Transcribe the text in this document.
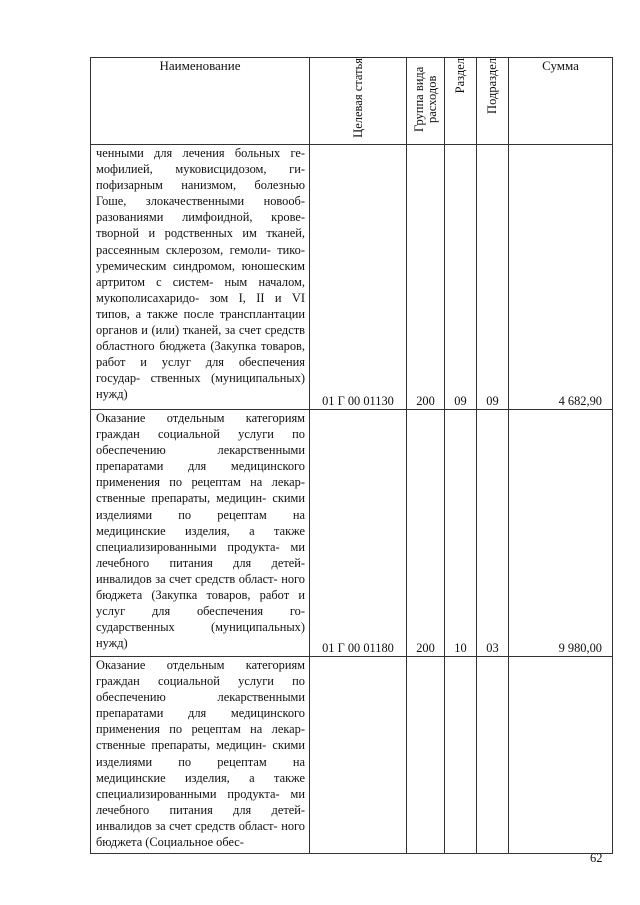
Наименование	Целевая статья	Группа вида расходов	Раздел	Подраздел	Сумма
ченными для лечения больных ге- мофилией, муковисцидозом, ги- пофизарным нанизмом, болезнью Гоше, злокачественными новооб- разованиями лимфоидной, крове- творной и родственных им тканей, рассеянным склерозом, гемоли- тико-уремическим синдромом, юношеским артритом с систем- ным началом, мукополисахаридо- зом I, II и VI типов, а также после трансплантации органов и (или) тканей, за счет средств областного бюджета (Закупка товаров, работ и услуг для обеспечения государ- ственных (муниципальных) нужд)	01 Г 00 01130	200	09	09	4 682,90

Оказание отдельным категориям граждан социальной услуги по обеспечению лекарственными препаратами для медицинского применения по рецептам на лекар- ственные препараты, медицин- скими изделиями по рецептам на медицинские изделия, а также специализированными продукта- ми лечебного питания для детей- инвалидов за счет средств област- ного бюджета (Закупка товаров, работ и услуг для обеспечения го- сударственных (муниципальных) нужд)	01 Г 00 01180	200	10	03	9 980,00

Оказание отдельным категориям граждан социальной услуги по обеспечению лекарственными препаратами для медицинского применения по рецептам на лекар- ственные препараты, медицин- скими изделиями по рецептам на медицинские изделия, а также специализированными продукта- ми лечебного питания для детей- инвалидов за счет средств област- ного бюджета (Социальное обес-	

62
